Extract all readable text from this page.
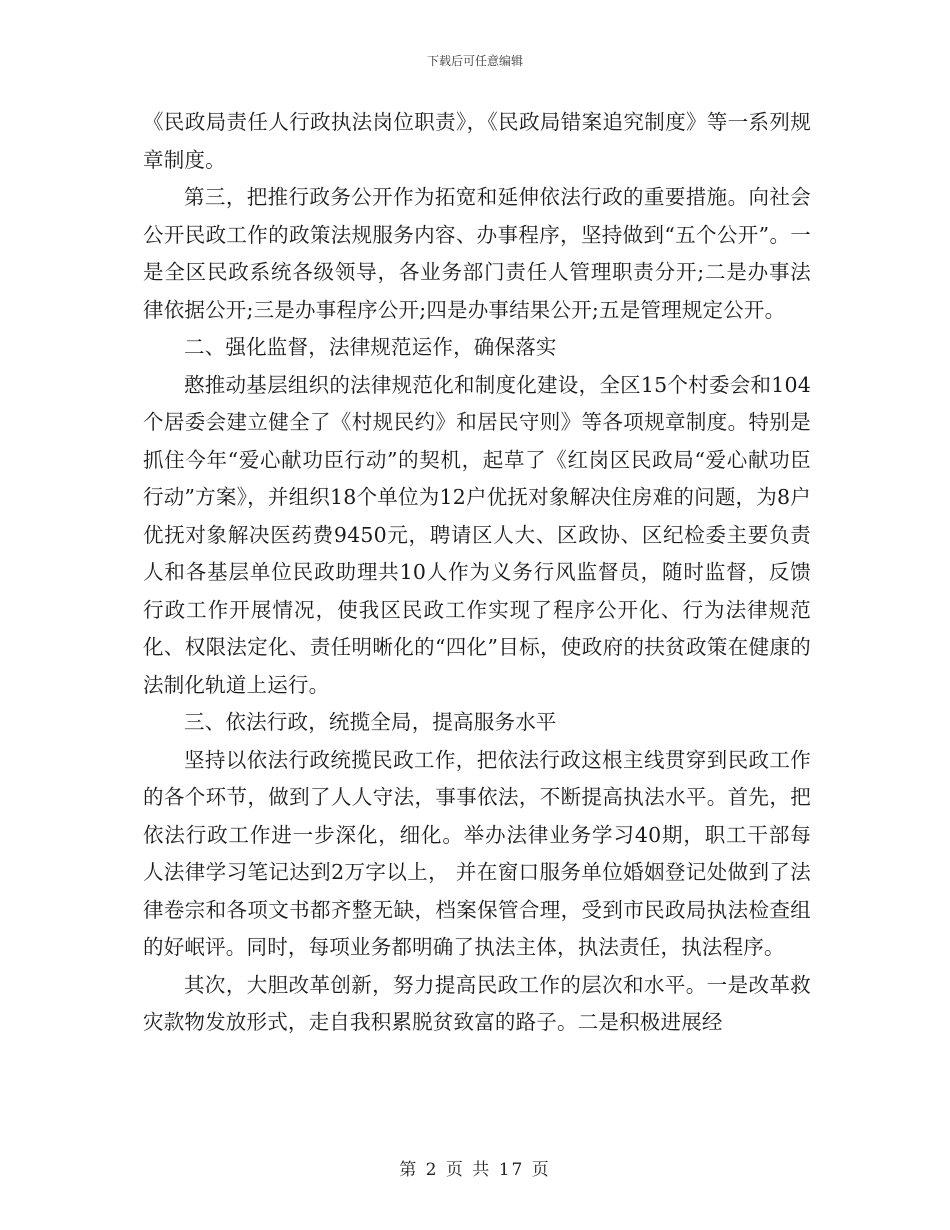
下载后可任意编辑

《民政局责任人行政执法岗位职责》，《民政局错案追究制度》等一系列规章制度。

第三，把推行政务公开作为拓宽和延伸依法行政的重要措施。向社会公开民政工作的政策法规服务内容、办事程序，坚持做到“五个公开”。一是全区民政系统各级领导，各业务部门责任人管理职责分开;二是办事法律依据公开;三是办事程序公开;四是办事结果公开;五是管理规定公开。

二、强化监督，法律规范运作，确保落实

憨推动基层组织的法律规范化和制度化建设，全区15个村委会和104个居委会建立健全了《村规民约》和居民守则》等各项规章制度。特别是抓住今年“爱心献功臣行动”的契机，起草了《红岗区民政局“爱心献功臣行动”方案》，并组织18个单位为12户优抚对象解决住房难的问题，为8户优抚对象解决医药费9450元，聘请区人大、区政协、区纪检委主要负责人和各基层单位民政助理共10人作为义务行风监督员，随时监督，反馈行政工作开展情况，使我区民政工作实现了程序公开化、行为法律规范化、权限法定化、责任明晰化的“四化”目标，使政府的扶贫政策在健康的法制化轨道上运行。

三、依法行政，统揽全局，提高服务水平

坚持以依法行政统揽民政工作，把依法行政这根主线贯穿到民政工作的各个环节，做到了人人守法，事事依法，不断提高执法水平。首先，把依法行政工作进一步深化，细化。举办法律业务学习40期，职工干部每人法律学习笔记达到2万字以上， 并在窗口服务单位婚姻登记处做到了法律卷宗和各项文书都齐整无缺，档案保管合理，受到市民政局执法检查组的好岷评。同时，每项业务都明确了执法主体，执法责任，执法程序。

其次，大胆改革创新，努力提高民政工作的层次和水平。一是改革救灾款物发放形式，走自我积累脱贫致富的路子。二是积极进展经

第 2 页 共 17 页
